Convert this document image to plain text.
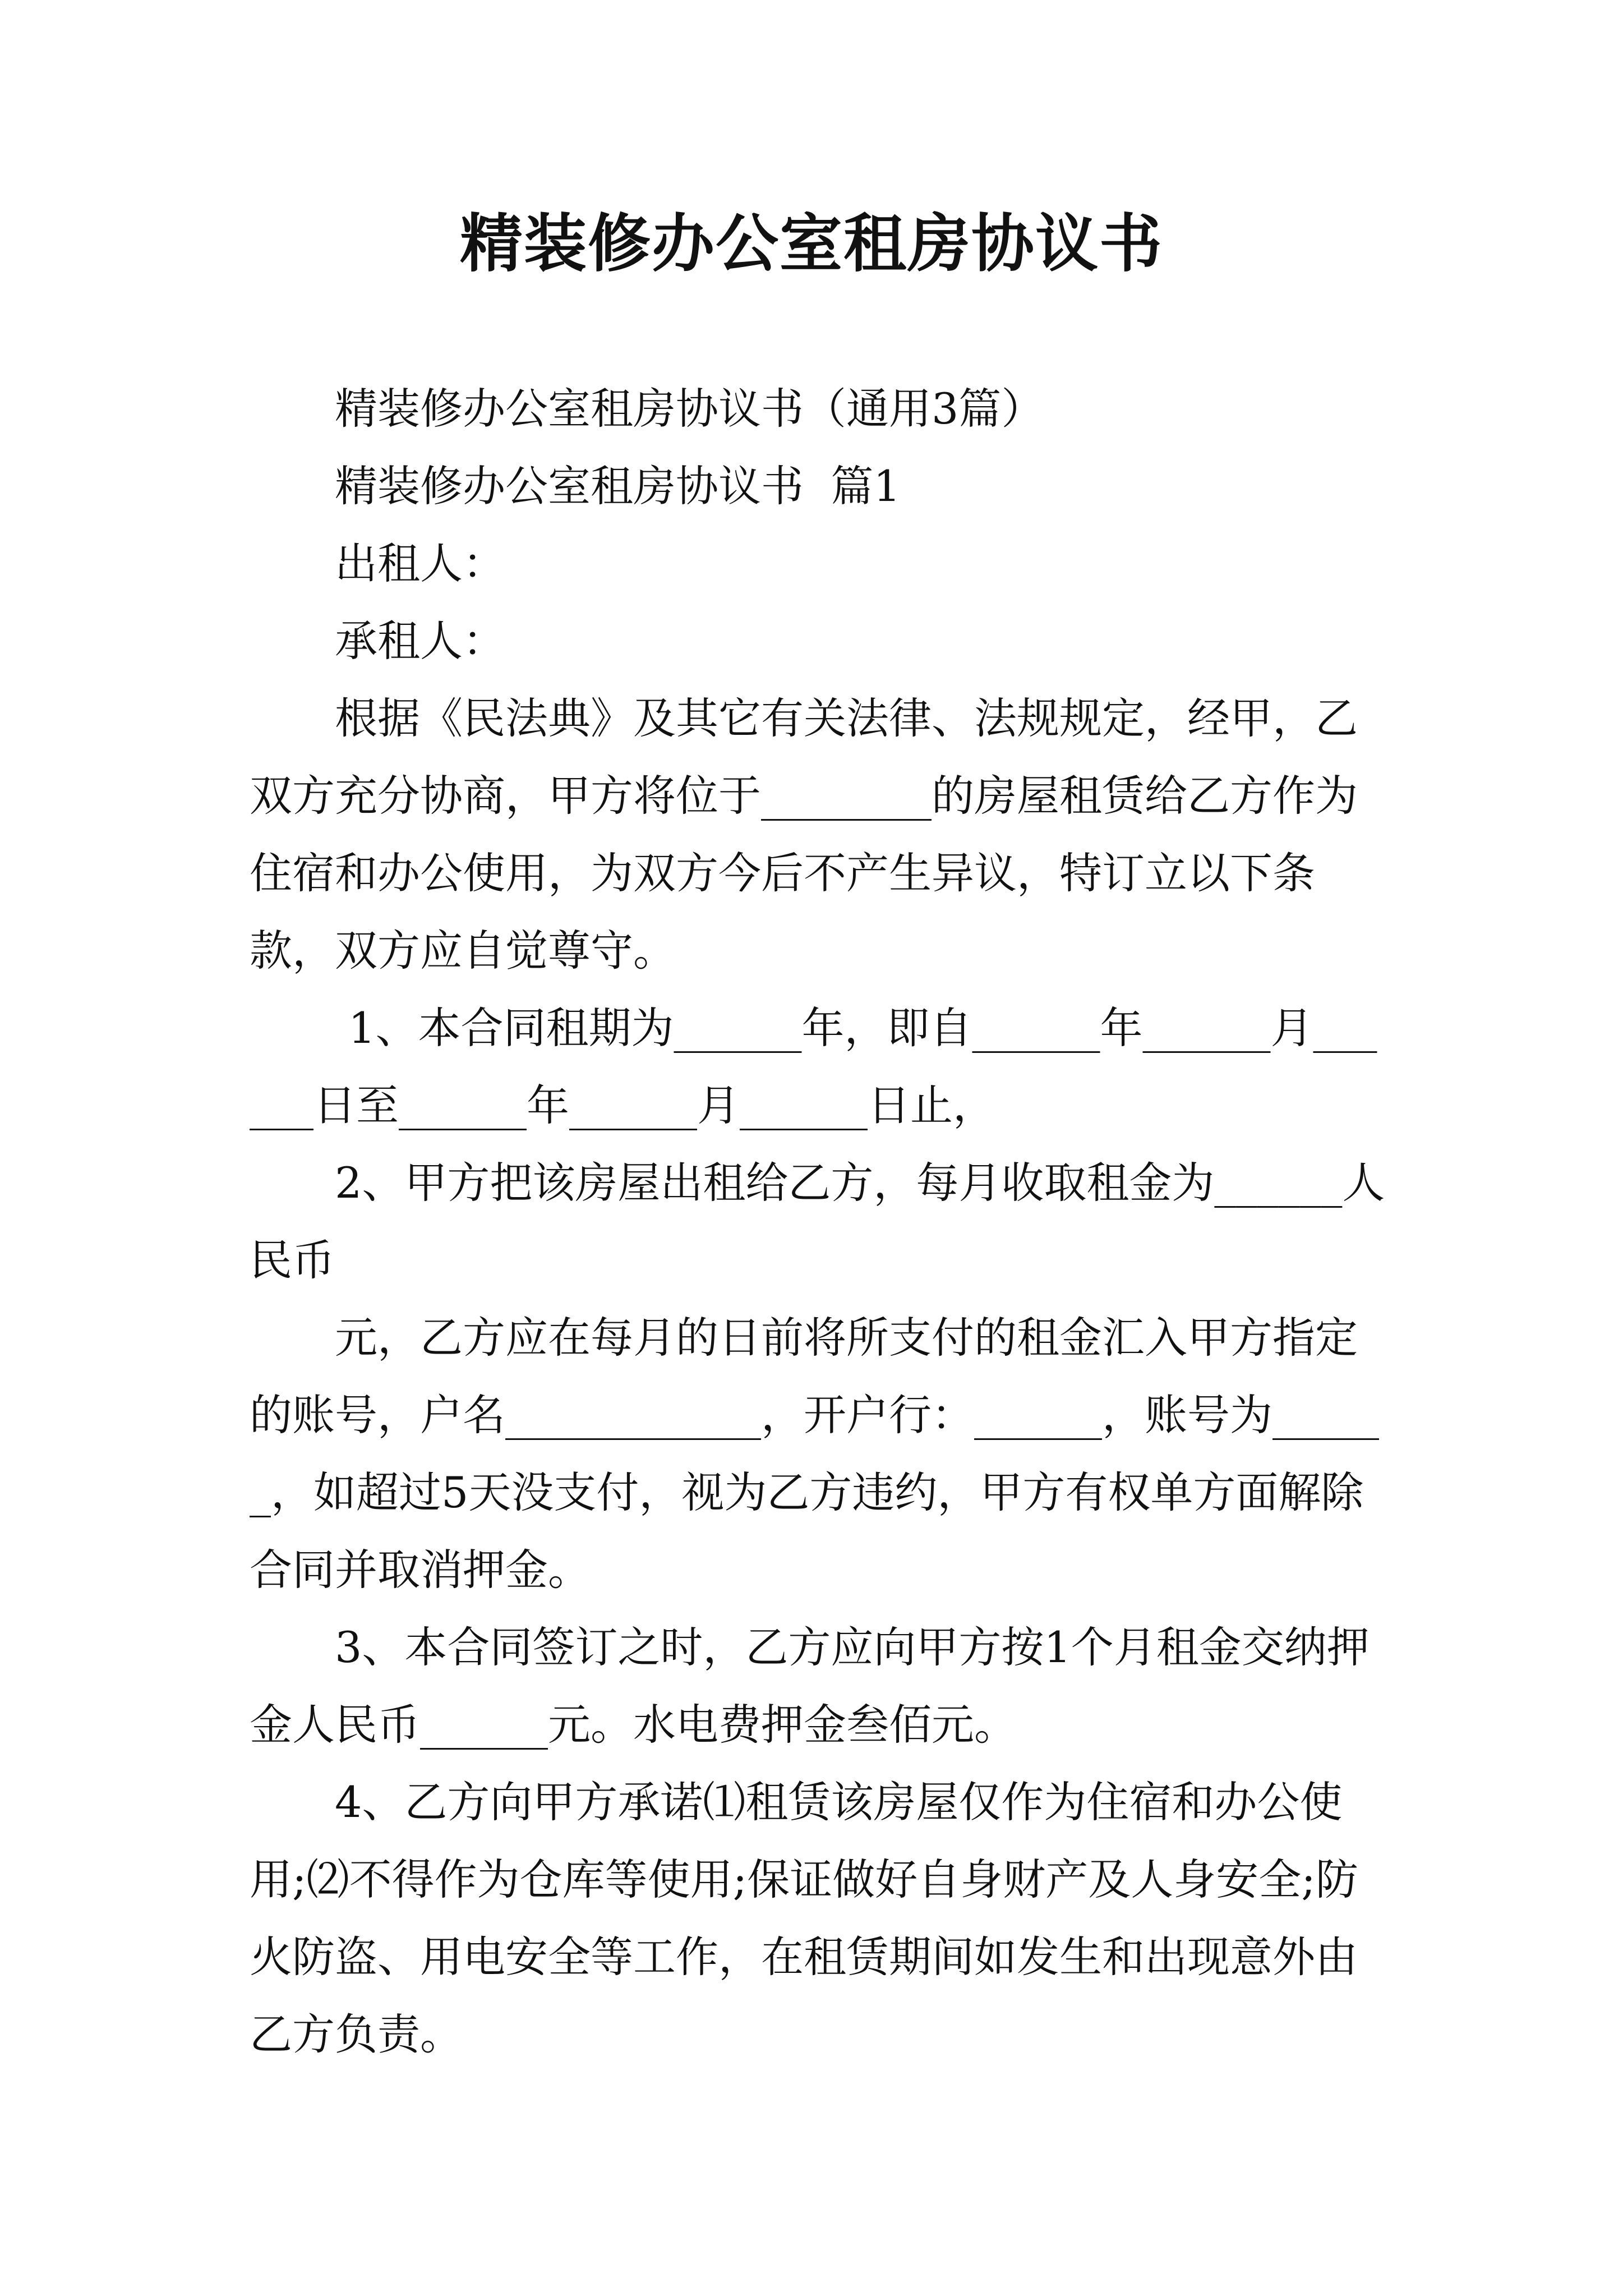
精装修办公室租房协议书

精装修办公室租房协议书（通用3篇）

精装修办公室租房协议书  篇1

出租人：

承租人：

根据《民法典》及其它有关法律、法规规定，经甲，乙双方充分协商，甲方将位于________的房屋租赁给乙方作为住宿和办公使用，为双方今后不产生异议，特订立以下条款，双方应自觉尊守。

1、本合同租期为______年，即自______年______月______日至______年______月______日止，

2、甲方把该房屋出租给乙方，每月收取租金为______人民币

元，乙方应在每月的日前将所支付的租金汇入甲方指定的账号，户名____________，开户行：______，账号为______，如超过5天没支付，视为乙方违约，甲方有权单方面解除合同并取消押金。

3、本合同签订之时，乙方应向甲方按1个月租金交纳押金人民币______元。水电费押金叁佰元。

4、乙方向甲方承诺⑴租赁该房屋仅作为住宿和办公使用;⑵不得作为仓库等使用;保证做好自身财产及人身安全;防火防盗、用电安全等工作，在租赁期间如发生和出现意外由乙方负责。
